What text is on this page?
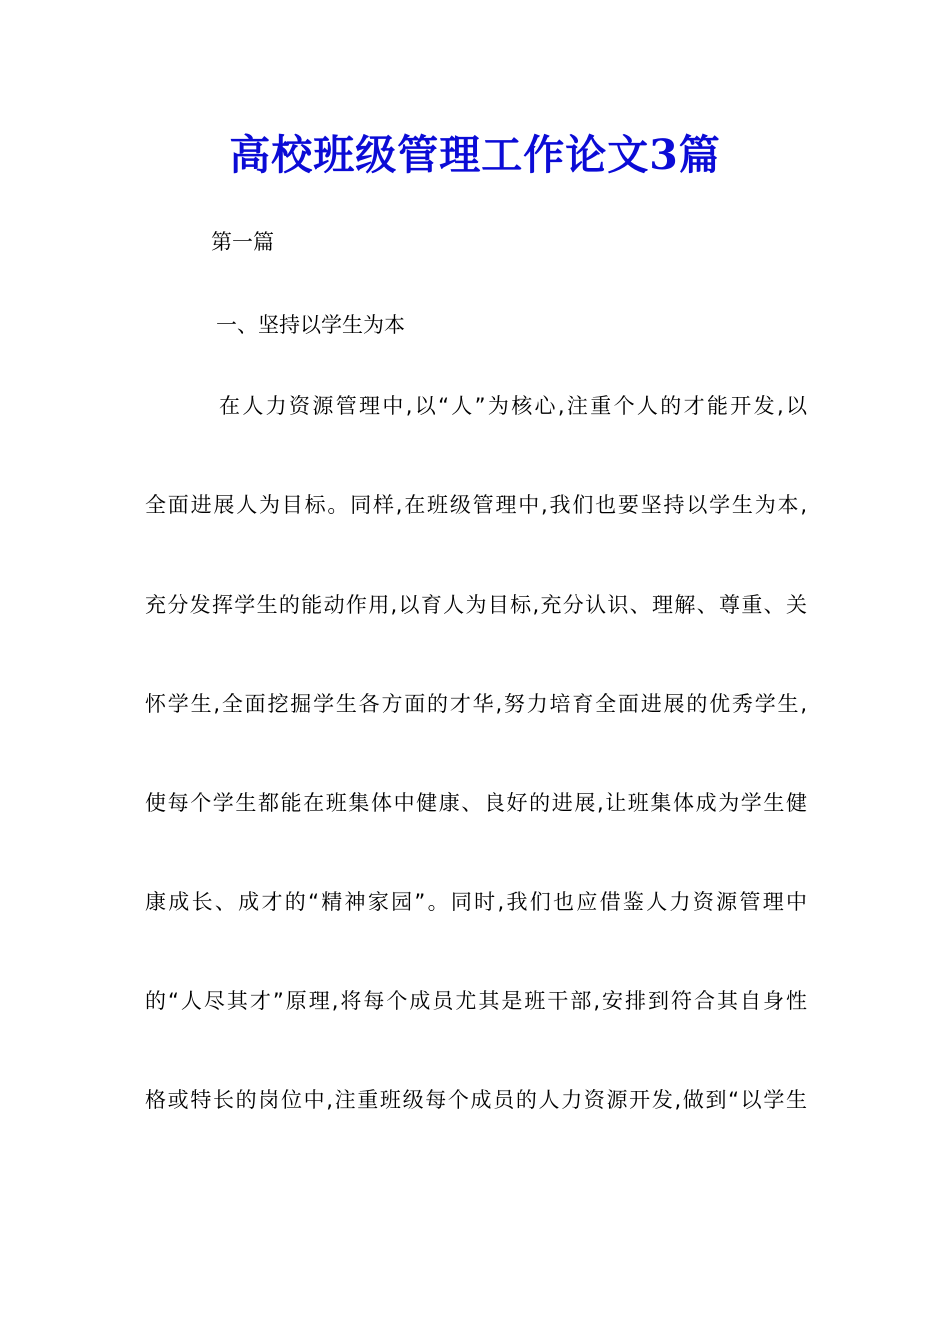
高校班级管理工作论文3篇
第一篇
一、坚持以学生为本
在人力资源管理中,以“人”为核心,注重个人的才能开发,以
全面进展人为目标。同样,在班级管理中,我们也要坚持以学生为本,
充分发挥学生的能动作用,以育人为目标,充分认识、理解、尊重、关
怀学生,全面挖掘学生各方面的才华,努力培育全面进展的优秀学生,
使每个学生都能在班集体中健康、良好的进展,让班集体成为学生健
康成长、成才的“精神家园”。同时,我们也应借鉴人力资源管理中
的“人尽其才”原理,将每个成员尤其是班干部,安排到符合其自身性
格或特长的岗位中,注重班级每个成员的人力资源开发,做到“以学生
